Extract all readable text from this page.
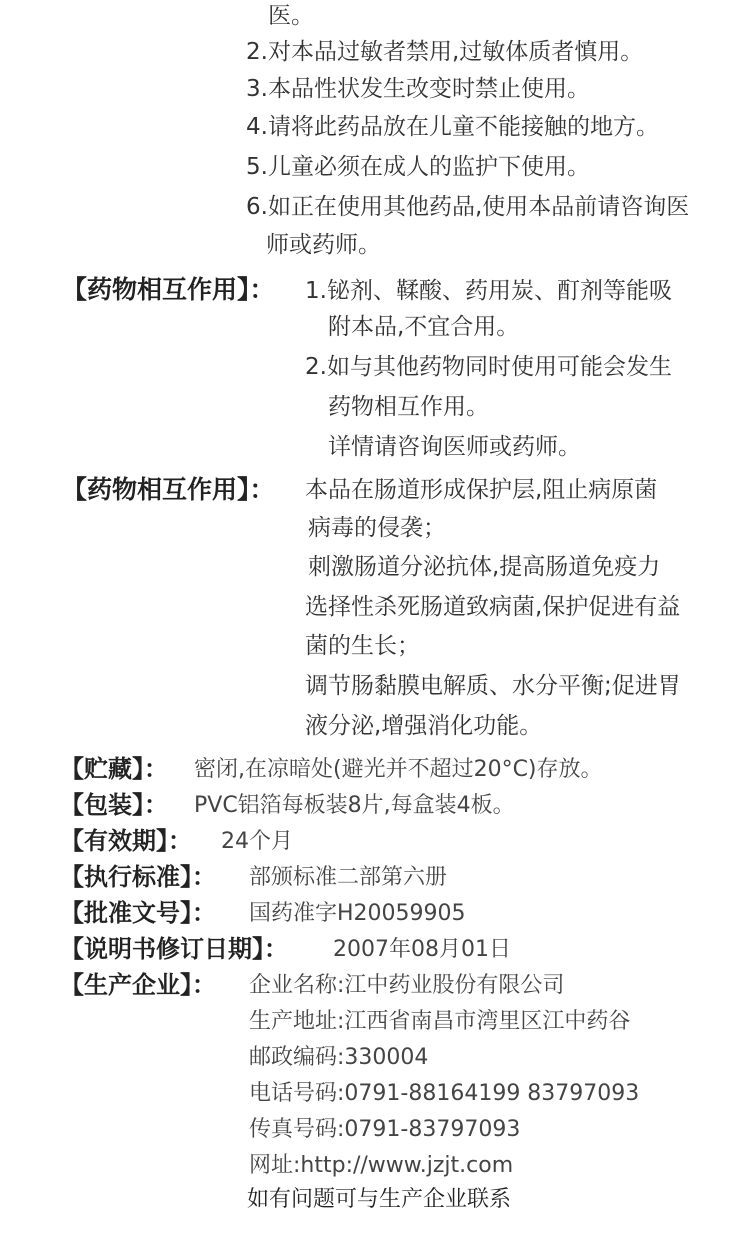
医。
2.对本品过敏者禁用,过敏体质者慎用。
3.本品性状发生改变时禁止使用。
4.请将此药品放在儿童不能接触的地方。
5.儿童必须在成人的监护下使用。
6.如正在使用其他药品,使用本品前请咨询医
师或药师。
【药物相互作用】： 1.铋剂、鞣酸、药用炭、酊剂等能吸
附本品,不宜合用。
2.如与其他药物同时使用可能会发生
药物相互作用。
详情请咨询医师或药师。
【药物相互作用】： 本品在肠道形成保护层,阻止病原菌
病毒的侵袭；
刺激肠道分泌抗体,提高肠道免疫力
选择性杀死肠道致病菌,保护促进有益
菌的生长；
调节肠黏膜电解质、水分平衡;促进胃
液分泌,增强消化功能。
【贮藏】： 密闭,在凉暗处(避光并不超过20°C)存放。
【包装】： PVC铝箔每板装8片,每盒装4板。
【有效期】： 24个月
【执行标准】： 部颁标准二部第六册
【批准文号】： 国药准字H20059905
【说明书修订日期】： 2007年08月01日
【生产企业】： 企业名称:江中药业股份有限公司
生产地址:江西省南昌市湾里区江中药谷
邮政编码:330004
电话号码:0791-88164199 83797093
传真号码:0791-83797093
网址:http://www.jzjt.com
如有问题可与生产企业联系
